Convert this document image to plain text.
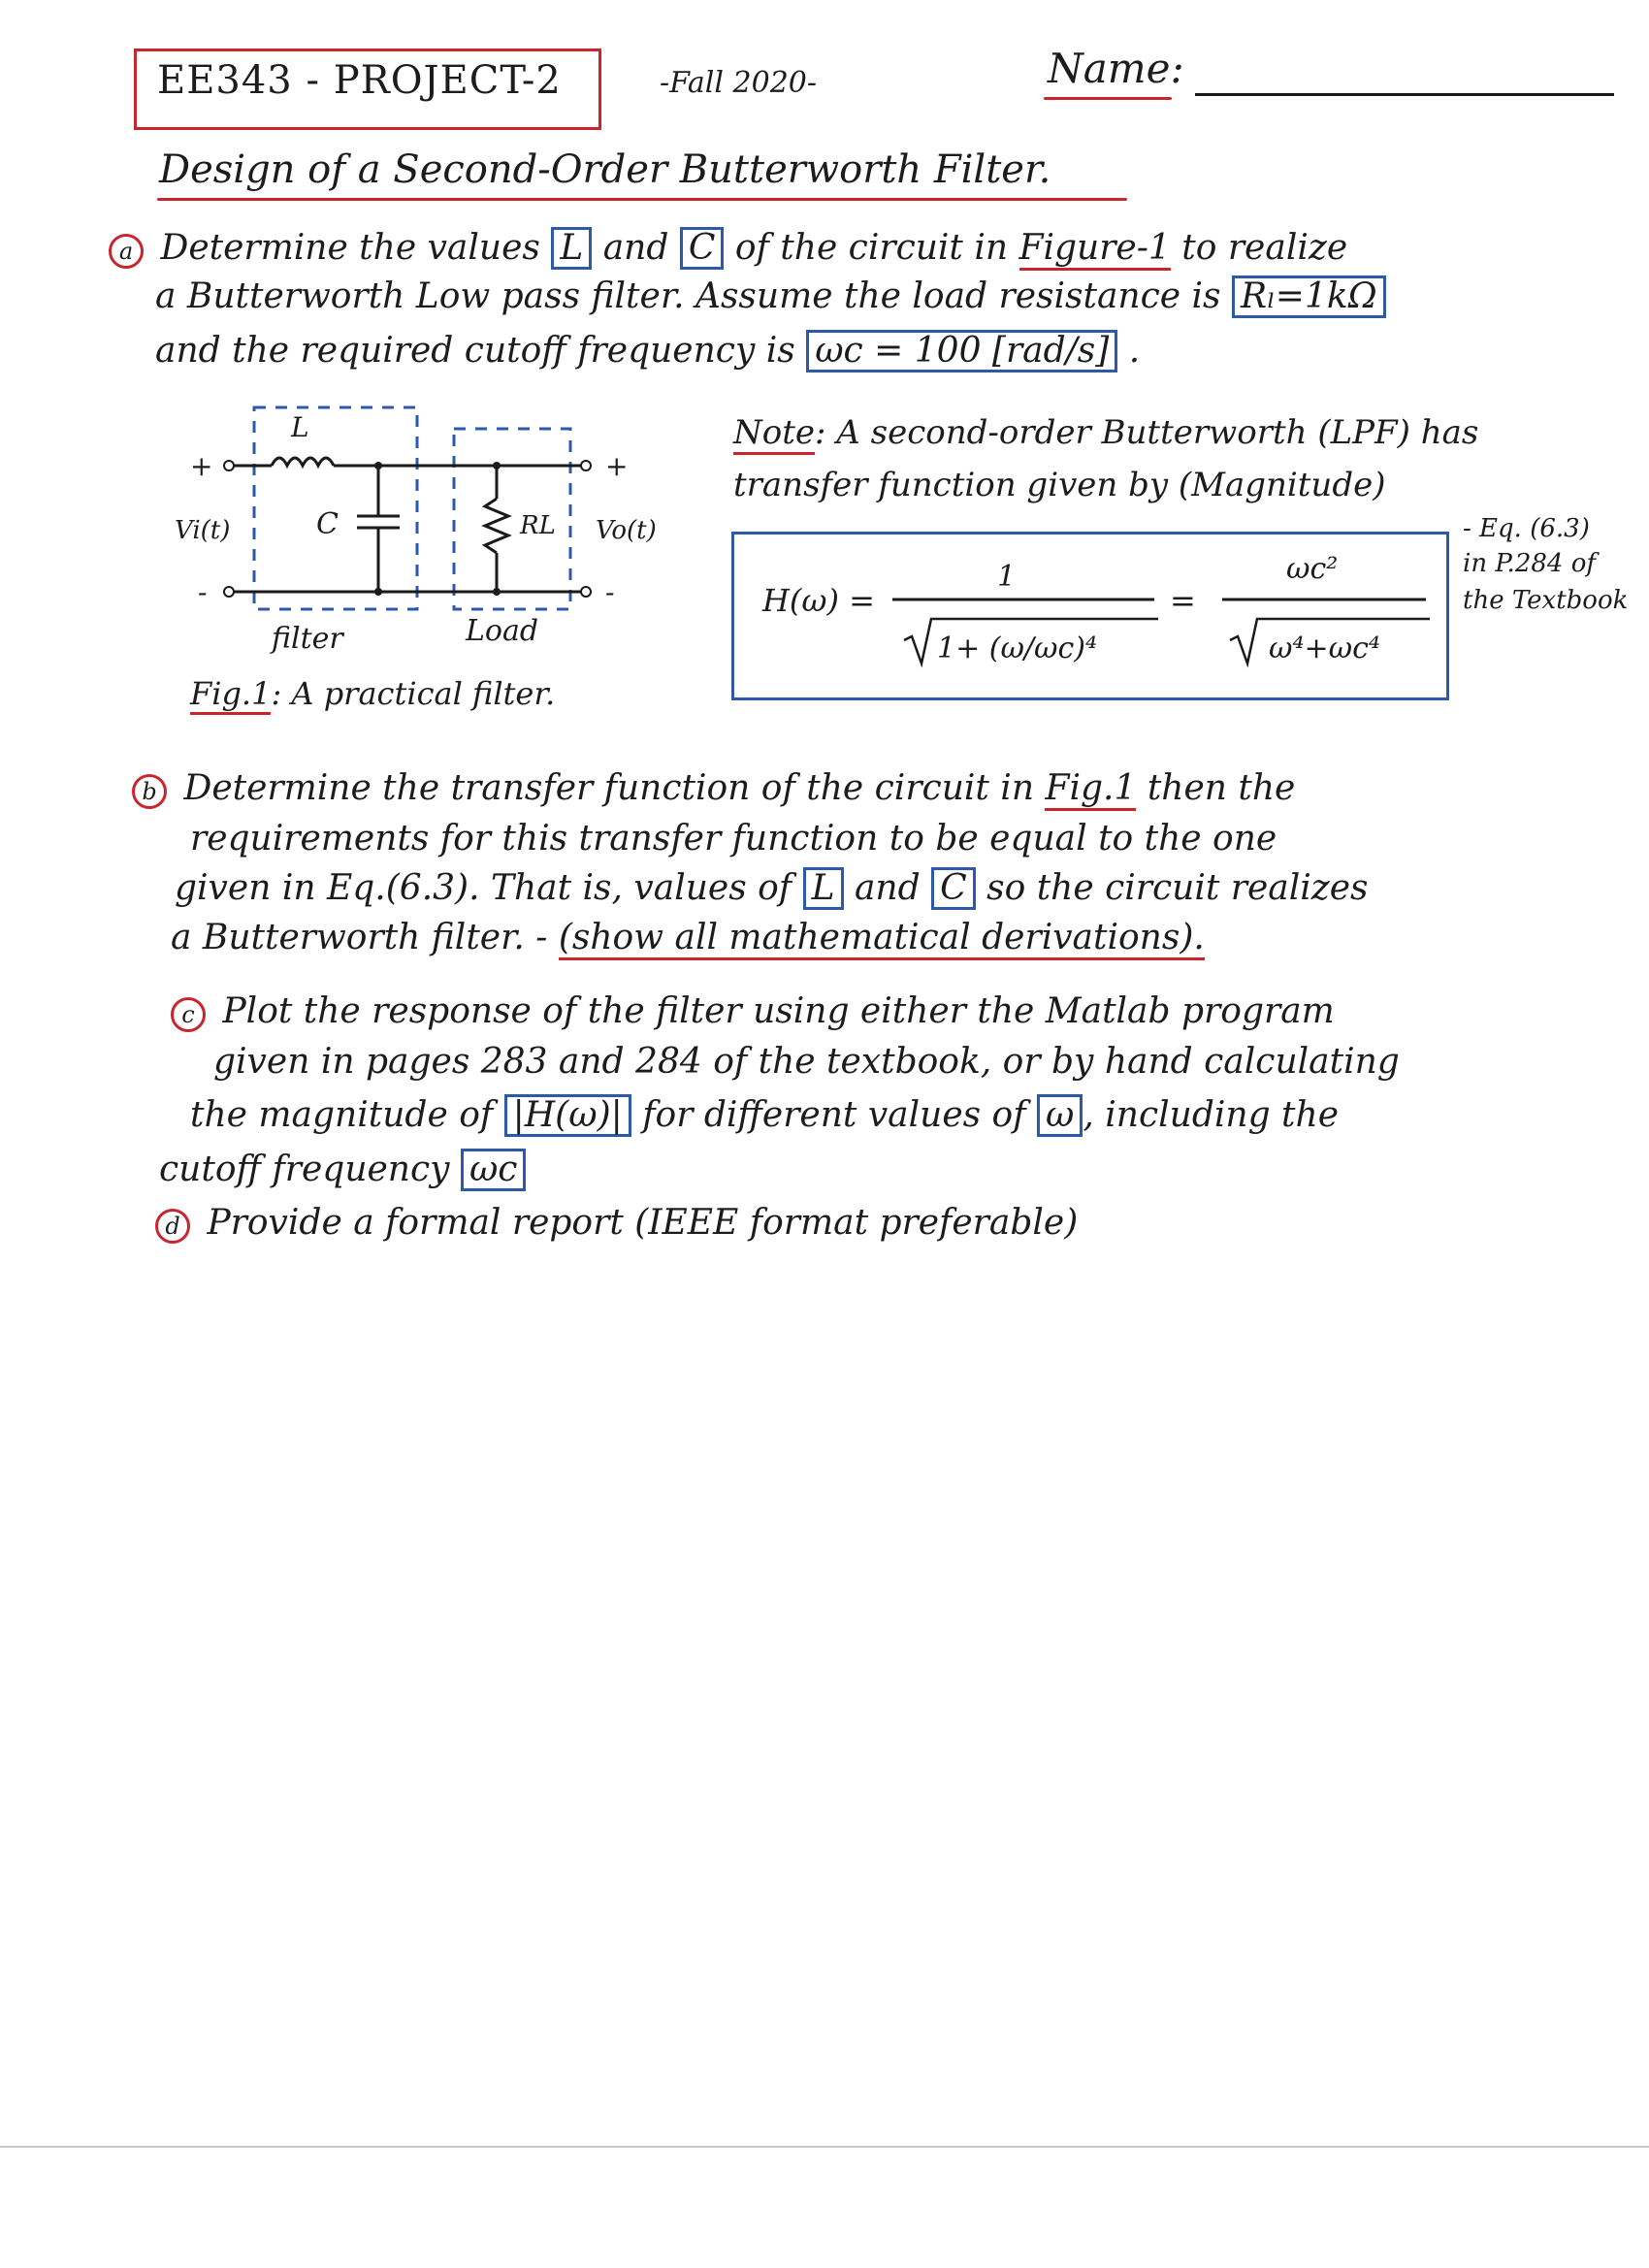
EE343 - PROJECT-2	-Fall 2020-	Name:
Design of a Second-Order Butterworth Filter.
a Determine the values L and C of the circuit in Figure-1 to realize
a Butterworth Low pass filter. Assume the load resistance is Rₗ=1kΩ
and the required cutoff frequency is ωc = 100 [rad/s] .
L
C	RL
Vi(t)	Vo(t)
+
-
+
-
filter	Load
Fig.1: A practical filter.
Note: A second-order Butterworth (LPF) has
transfer function given by (Magnitude)
H(ω) =
1
1+ (ω/ωc)⁴
=
ωc²
ω⁴+ωc⁴
- Eq. (6.3)
in P.284 of
the Textbook
b Determine the transfer function of the circuit in Fig.1 then the
requirements for this transfer function to be equal to the one
given in Eq.(6.3). That is, values of L and C so the circuit realizes
a Butterworth filter. - (show all mathematical derivations).
c Plot the response of the filter using either the Matlab program
given in pages 283 and 284 of the textbook, or by hand calculating
the magnitude of |H(ω)| for different values of ω , including the
cutoff frequency ωc
d Provide a formal report (IEEE format preferable)
